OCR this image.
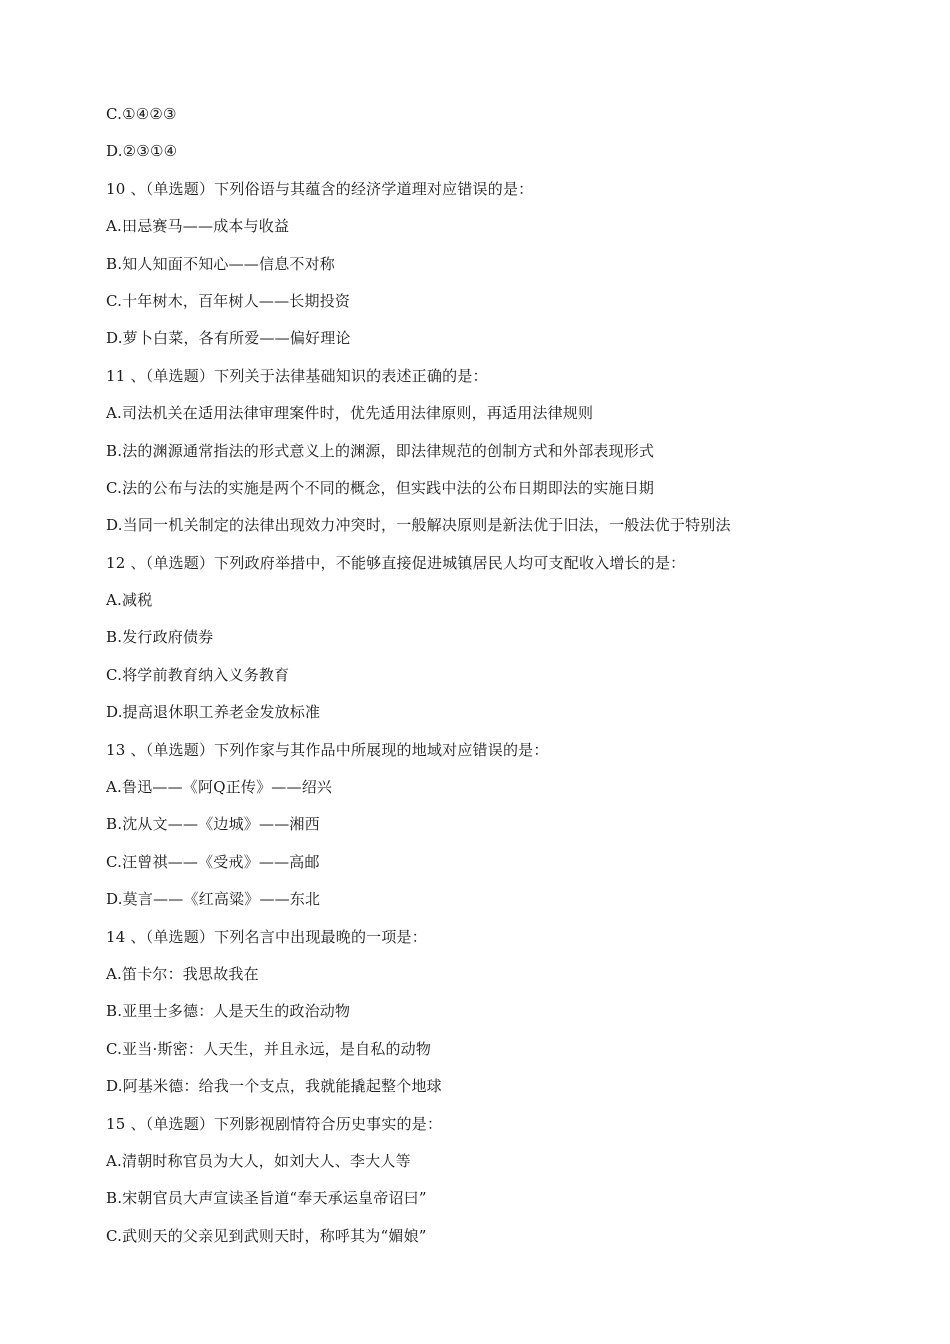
C.①④②③
D.②③①④
10 、（单选题）下列俗语与其蕴含的经济学道理对应错误的是：
A.田忌赛马——成本与收益
B.知人知面不知心——信息不对称
C.十年树木，百年树人——长期投资
D.萝卜白菜，各有所爱——偏好理论
11 、（单选题）下列关于法律基础知识的表述正确的是：
A.司法机关在适用法律审理案件时，优先适用法律原则，再适用法律规则
B.法的渊源通常指法的形式意义上的渊源，即法律规范的创制方式和外部表现形式
C.法的公布与法的实施是两个不同的概念，但实践中法的公布日期即法的实施日期
D.当同一机关制定的法律出现效力冲突时，一般解决原则是新法优于旧法，一般法优于特别法
12 、（单选题）下列政府举措中，不能够直接促进城镇居民人均可支配收入增长的是：
A.减税
B.发行政府债券
C.将学前教育纳入义务教育
D.提高退休职工养老金发放标准
13 、（单选题）下列作家与其作品中所展现的地域对应错误的是：
A.鲁迅——《阿Q正传》——绍兴
B.沈从文——《边城》——湘西
C.汪曾祺——《受戒》——高邮
D.莫言——《红高粱》——东北
14 、（单选题）下列名言中出现最晚的一项是：
A.笛卡尔：我思故我在
B.亚里士多德：人是天生的政治动物
C.亚当·斯密：人天生，并且永远，是自私的动物
D.阿基米德：给我一个支点，我就能撬起整个地球
15 、（单选题）下列影视剧情符合历史事实的是：
A.清朝时称官员为大人，如刘大人、李大人等
B.宋朝官员大声宣读圣旨道“奉天承运皇帝诏曰”
C.武则天的父亲见到武则天时，称呼其为“媚娘”
